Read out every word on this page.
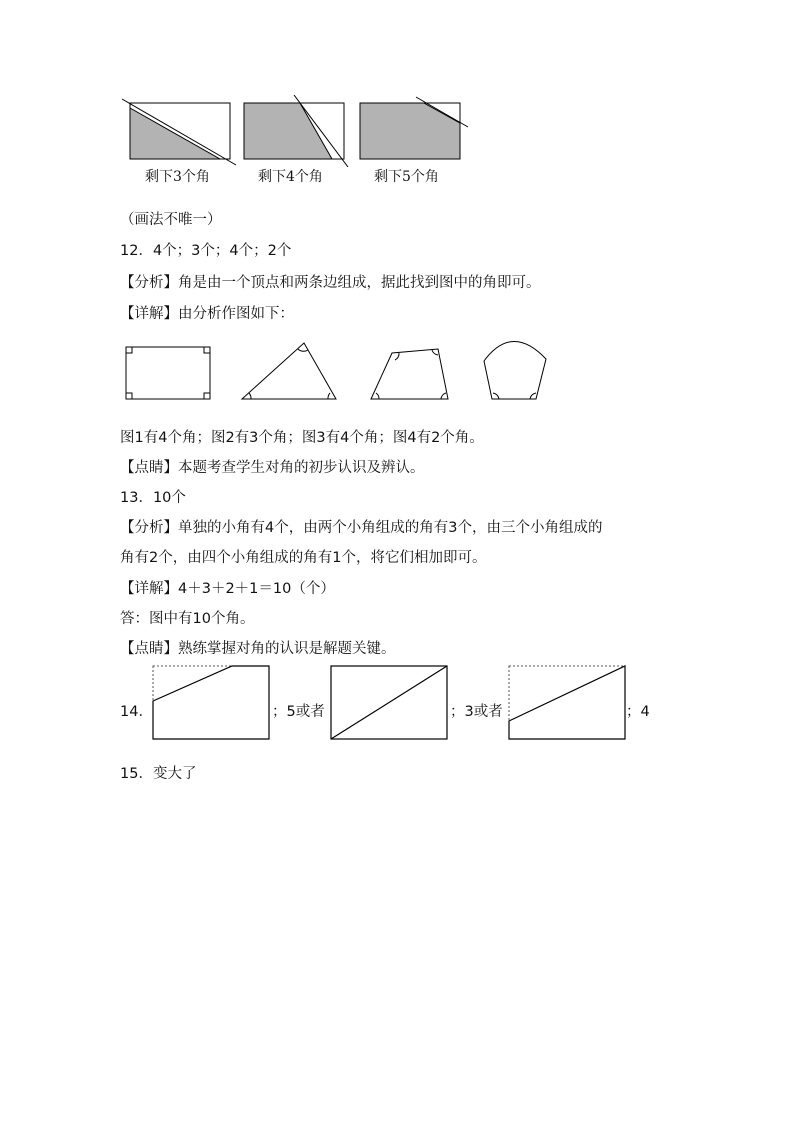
剩下3个角	剩下4个角	剩下5个角
（画法不唯一）
12．4个；3个；4个；2个
【分析】角是由一个顶点和两条边组成，据此找到图中的角即可。
【详解】由分析作图如下：
图1有4个角；图2有3个角；图3有4个角；图4有2个角。
【点睛】本题考查学生对角的初步认识及辨认。
13．10个
【分析】单独的小角有4个，由两个小角组成的角有3个，由三个小角组成的
角有2个，由四个小角组成的角有1个，将它们相加即可。
【详解】4＋3＋2＋1＝10（个）
答：图中有10个角。
【点睛】熟练掌握对角的认识是解题关键。
14．	；5或者	；3或者	；4
15．变大了
